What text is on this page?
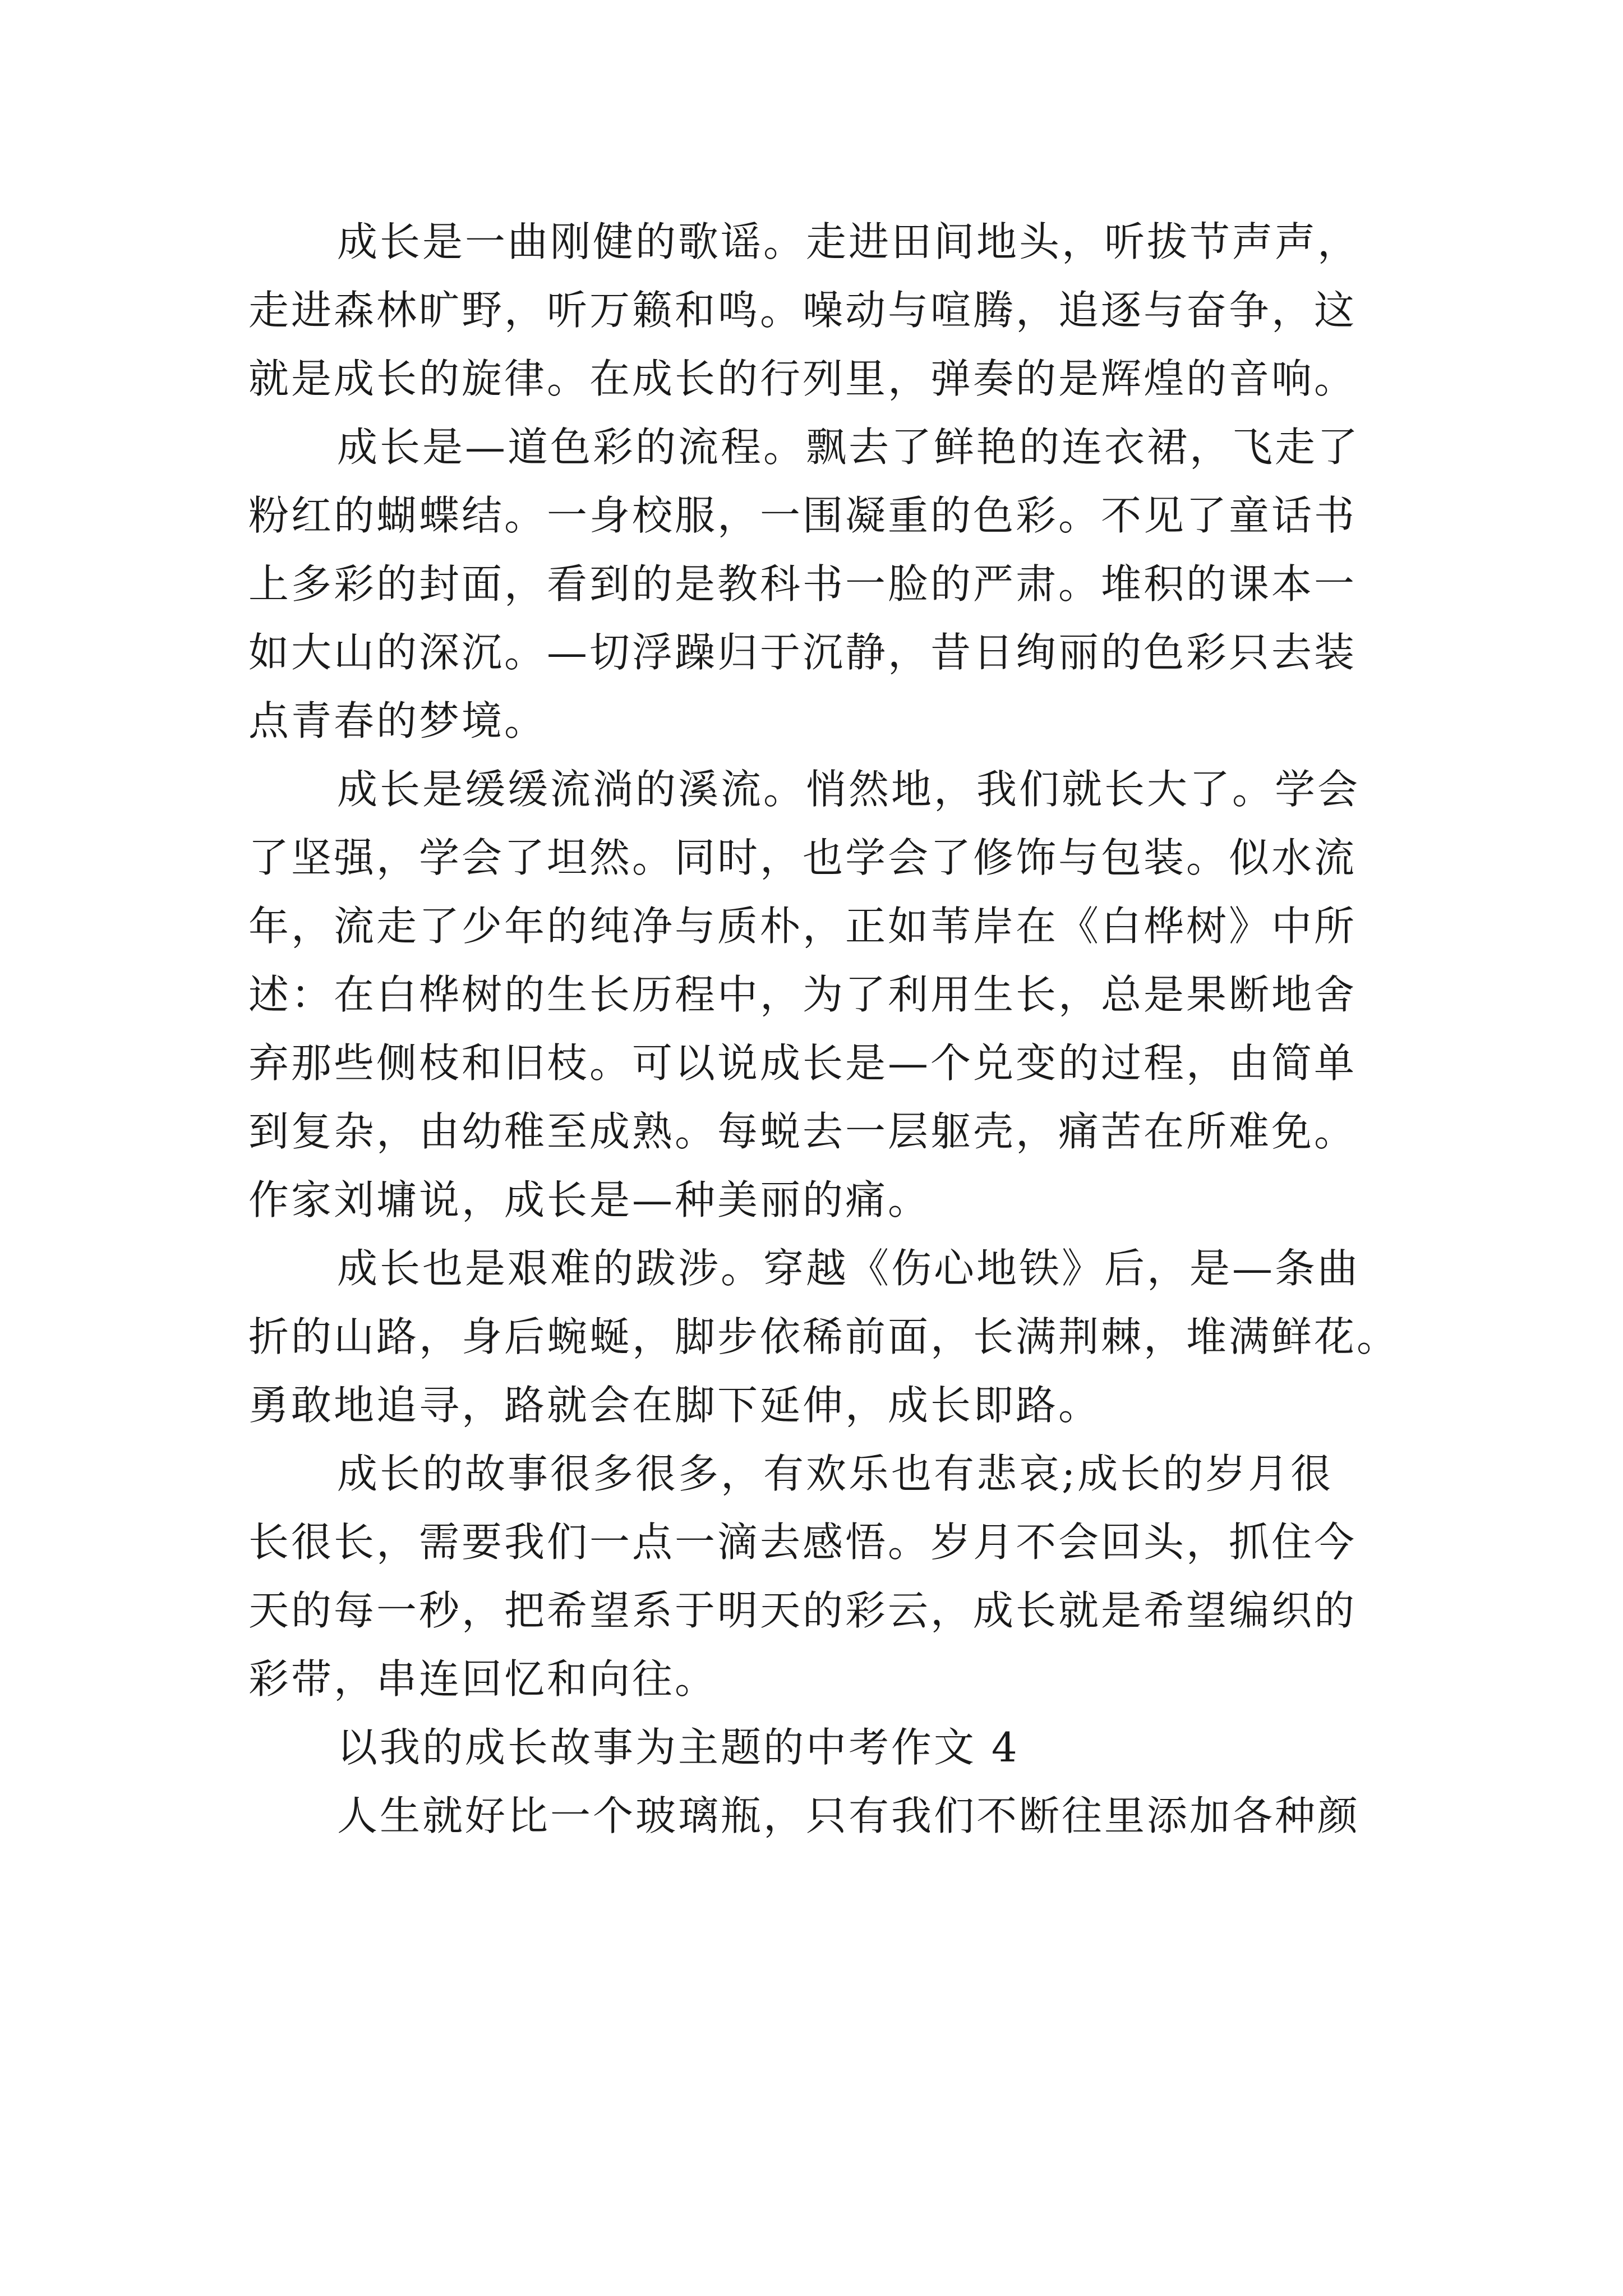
成长是一曲刚健的歌谣。走进田间地头，听拔节声声，
走进森林旷野，听万籁和鸣。噪动与喧腾，追逐与奋争，这
就是成长的旋律。在成长的行列里，弹奏的是辉煌的音响。
成长是—道色彩的流程。飘去了鲜艳的连衣裙，飞走了
粉红的蝴蝶结。一身校服，一围凝重的色彩。不见了童话书
上多彩的封面，看到的是教科书一脸的严肃。堆积的课本一
如大山的深沉。—切浮躁归于沉静，昔日绚丽的色彩只去装
点青春的梦境。
成长是缓缓流淌的溪流。悄然地，我们就长大了。学会
了坚强，学会了坦然。同时，也学会了修饰与包装。似水流
年，流走了少年的纯净与质朴，正如苇岸在《白桦树》中所
述：在白桦树的生长历程中，为了利用生长，总是果断地舍
弃那些侧枝和旧枝。可以说成长是—个兑变的过程，由简单
到复杂，由幼稚至成熟。每蜕去一层躯壳，痛苦在所难免。
作家刘墉说，成长是—种美丽的痛。
成长也是艰难的跋涉。穿越《伤心地铁》后，是—条曲
折的山路，身后蜿蜒，脚步依稀前面，长满荆棘，堆满鲜花。
勇敢地追寻，路就会在脚下延伸，成长即路。
成长的故事很多很多，有欢乐也有悲哀;成长的岁月很
长很长，需要我们一点一滴去感悟。岁月不会回头，抓住今
天的每一秒，把希望系于明天的彩云，成长就是希望编织的
彩带，串连回忆和向往。
以我的成长故事为主题的中考作文 4
人生就好比一个玻璃瓶，只有我们不断往里添加各种颜
